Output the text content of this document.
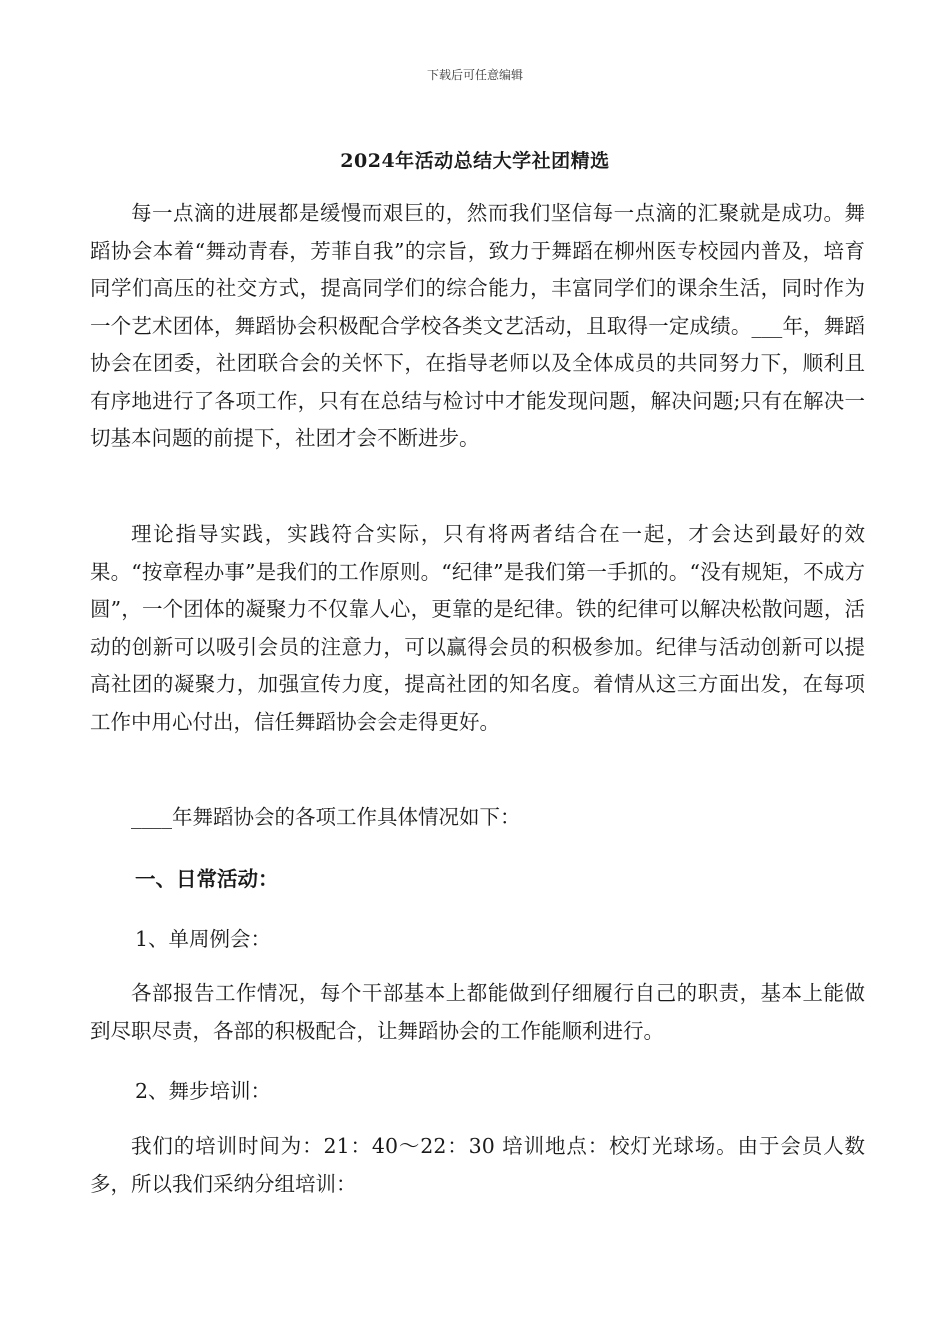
下载后可任意编辑
2024年活动总结大学社团精选

每一点滴的进展都是缓慢而艰巨的，然而我们坚信每一点滴的汇聚就是成功。舞蹈协会本着“舞动青春，芳菲自我”的宗旨，致力于舞蹈在柳州医专校园内普及，培育同学们高压的社交方式，提高同学们的综合能力，丰富同学们的课余生活，同时作为一个艺术团体，舞蹈协会积极配合学校各类文艺活动，且取得一定成绩。___年，舞蹈协会在团委，社团联合会的关怀下，在指导老师以及全体成员的共同努力下，顺利且有序地进行了各项工作，只有在总结与检讨中才能发现问题，解决问题;只有在解决一切基本问题的前提下，社团才会不断进步。

理论指导实践，实践符合实际，只有将两者结合在一起，才会达到最好的效果。“按章程办事”是我们的工作原则。“纪律”是我们第一手抓的。“没有规矩，不成方圆”，一个团体的凝聚力不仅靠人心，更靠的是纪律。铁的纪律可以解决松散问题，活动的创新可以吸引会员的注意力，可以赢得会员的积极参加。纪律与活动创新可以提高社团的凝聚力，加强宣传力度，提高社团的知名度。着情从这三方面出发，在每项工作中用心付出，信任舞蹈协会会走得更好。

____年舞蹈协会的各项工作具体情况如下：

一、日常活动：

1、单周例会：

各部报告工作情况，每个干部基本上都能做到仔细履行自己的职责，基本上能做到尽职尽责，各部的积极配合，让舞蹈协会的工作能顺利进行。

2、舞步培训：

我们的培训时间为：21：40～22：30 培训地点：校灯光球场。由于会员人数多，所以我们采纳分组培训：
